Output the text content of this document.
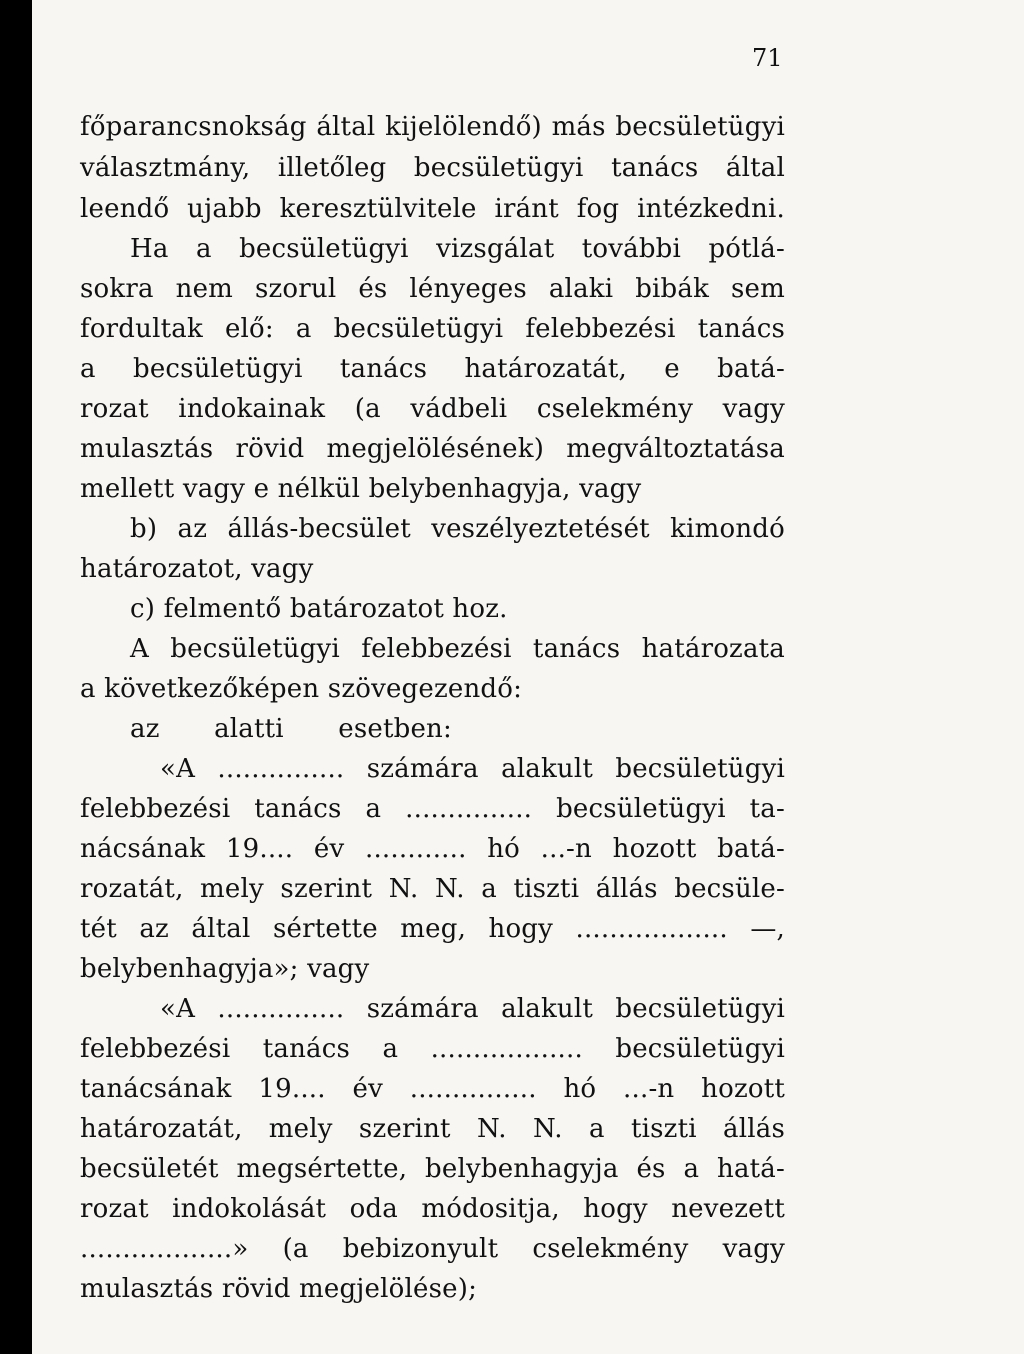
71
főparancsnokság által kijelölendő) más becsületügyi
választmány, illetőleg becsületügyi tanács által
leendő ujabb keresztülvitele iránt fog intézkedni.
Ha a becsületügyi vizsgálat további pótlá-
sokra nem szorul és lényeges alaki bibák sem
fordultak elő: a becsületügyi felebbezési tanács
a becsületügyi tanács határozatát, e batá-
rozat indokainak (a vádbeli cselekmény vagy
mulasztás rövid megjelölésének) megváltoztatása
mellett vagy e nélkül belybenhagyja, vagy
b) az állás-becsület veszélyeztetését kimondó
határozatot, vagy
c) felmentő batározatot hoz.
A becsületügyi felebbezési tanács határozata
a következőképen szövegezendő:
az alatti esetben:
«A ............... számára alakult becsületügyi
felebbezési tanács a ............... becsületügyi ta-
nácsának 19.... év ............ hó ...-n hozott batá-
rozatát, mely szerint N. N. a tiszti állás becsüle-
tét az által sértette meg, hogy .................. —,
belybenhagyja»; vagy
«A ............... számára alakult becsületügyi
felebbezési tanács a .................. becsületügyi
tanácsának 19.... év ............... hó ...-n hozott
határozatát, mely szerint N. N. a tiszti állás
becsületét megsértette, belybenhagyja és a hatá-
rozat indokolását oda módositja, hogy nevezett
..................» (a bebizonyult cselekmény vagy
mulasztás rövid megjelölése);
